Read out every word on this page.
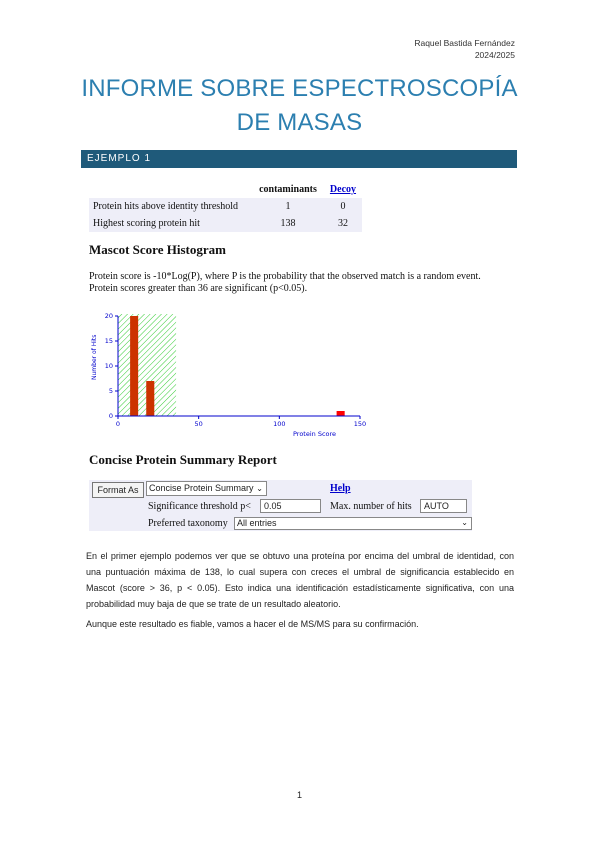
Raquel Bastida Fernández
2024/2025
INFORME SOBRE ESPECTROSCOPÍA
DE MASAS
EJEMPLO 1
	contaminants	Decoy
Protein hits above identity threshold	1	0
Highest scoring protein hit	138	32
Mascot Score Histogram
Protein score is -10*Log(P), where P is the probability that the observed match is a random event.
Protein scores greater than 36 are significant (p<0.05).
0	50	100	150
0
5
10
15
20
Number of Hits
Protein Score
Concise Protein Summary Report
Format As	Concise Protein Summary ⌄	Help
Significance threshold p<	0.05	Max. number of hits	AUTO
Preferred taxonomy	All entries	⌄
En el primer ejemplo podemos ver que se obtuvo una proteína por encima del umbral de identidad, con una puntuación máxima de 138, lo cual supera con creces el umbral de significancia establecido en Mascot (score > 36, p < 0.05). Esto indica una identificación estadísticamente significativa, con una probabilidad muy baja de que se trate de un resultado aleatorio.
Aunque este resultado es fiable, vamos a hacer el de MS/MS para su confirmación.
1
